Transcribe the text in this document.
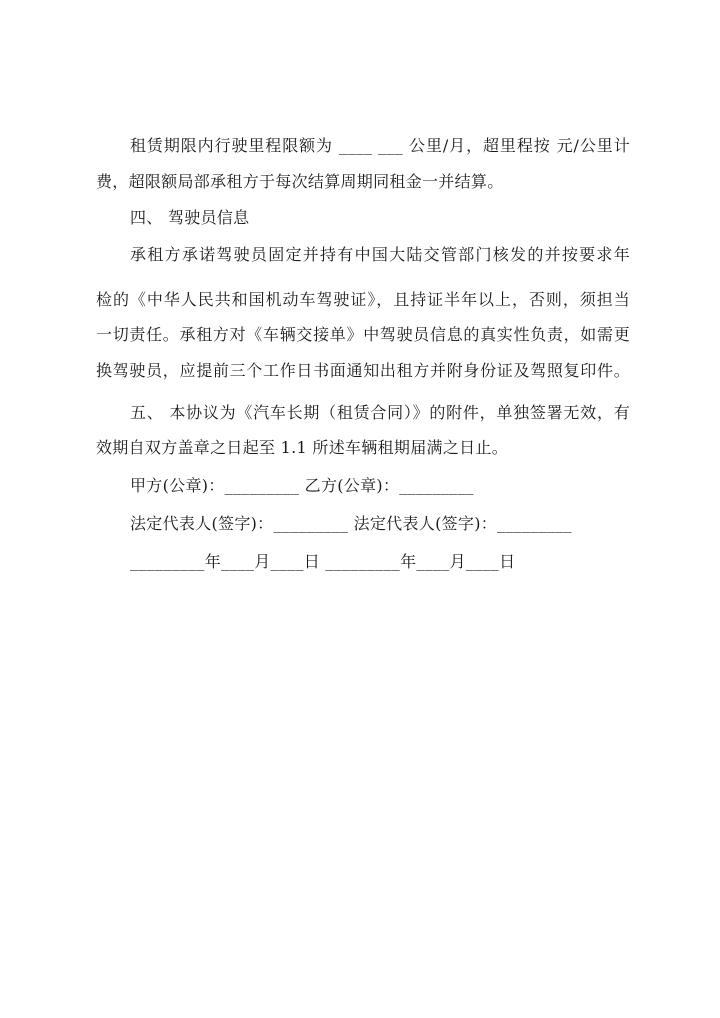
租赁期限内行驶里程限额为 ____ ___ 公里/月，超里程按 元/公里计
费，超限额局部承租方于每次结算周期同租金一并结算。
四、 驾驶员信息
承租方承诺驾驶员固定并持有中国大陆交管部门核发的并按要求年
检的《中华人民共和国机动车驾驶证》，且持证半年以上，否则，须担当
一切责任。承租方对《车辆交接单》中驾驶员信息的真实性负责，如需更
换驾驶员，应提前三个工作日书面通知出租方并附身份证及驾照复印件。
五、 本协议为《汽车长期（租赁合同）》的附件，单独签署无效，有
效期自双方盖章之日起至 1.1 所述车辆租期届满之日止。
甲方(公章)：_________ 乙方(公章)：_________
法定代表人(签字)：_________ 法定代表人(签字)：_________
_________年____月____日 _________年____月____日
